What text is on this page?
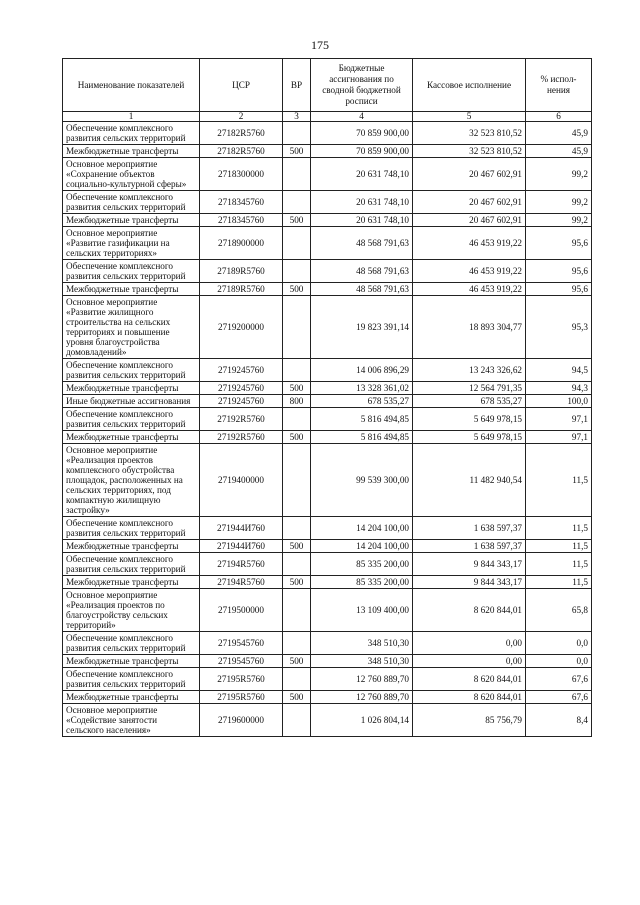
175
Наименование показателей	ЦСР	ВР	Бюджетные ассигнования по сводной бюджетной росписи	Кассовое исполнение	% испол-нения
1	2	3	4	5	6
Обеспечение комплексного развития сельских территорий	27182R5760		70 859 900,00	32 523 810,52	45,9
Межбюджетные трансферты	27182R5760	500	70 859 900,00	32 523 810,52	45,9
Основное мероприятие «Сохранение объектов социально-культурной сферы»	2718300000		20 631 748,10	20 467 602,91	99,2
Обеспечение комплексного развития сельских территорий	2718345760		20 631 748,10	20 467 602,91	99,2
Межбюджетные трансферты	2718345760	500	20 631 748,10	20 467 602,91	99,2
Основное мероприятие «Развитие газификации на сельских территориях»	2718900000		48 568 791,63	46 453 919,22	95,6
Обеспечение комплексного развития сельских территорий	27189R5760		48 568 791,63	46 453 919,22	95,6
Межбюджетные трансферты	27189R5760	500	48 568 791,63	46 453 919,22	95,6
Основное мероприятие «Развитие жилищного строительства на сельских территориях и повышение уровня благоустройства домовладений»	2719200000		19 823 391,14	18 893 304,77	95,3
Обеспечение комплексного развития сельских территорий	2719245760		14 006 896,29	13 243 326,62	94,5
Межбюджетные трансферты	2719245760	500	13 328 361,02	12 564 791,35	94,3
Иные бюджетные ассигнования	2719245760	800	678 535,27	678 535,27	100,0
Обеспечение комплексного развития сельских территорий	27192R5760		5 816 494,85	5 649 978,15	97,1
Межбюджетные трансферты	27192R5760	500	5 816 494,85	5 649 978,15	97,1
Основное мероприятие «Реализация проектов комплексного обустройства площадок, расположенных на сельских территориях, под компактную жилищную застройку»	2719400000		99 539 300,00	11 482 940,54	11,5
Обеспечение комплексного развития сельских территорий	271944И760		14 204 100,00	1 638 597,37	11,5
Межбюджетные трансферты	271944И760	500	14 204 100,00	1 638 597,37	11,5
Обеспечение комплексного развития сельских территорий	27194R5760		85 335 200,00	9 844 343,17	11,5
Межбюджетные трансферты	27194R5760	500	85 335 200,00	9 844 343,17	11,5
Основное мероприятие «Реализация проектов по благоустройству сельских территорий»	2719500000		13 109 400,00	8 620 844,01	65,8
Обеспечение комплексного развития сельских территорий	2719545760		348 510,30	0,00	0,0
Межбюджетные трансферты	2719545760	500	348 510,30	0,00	0,0
Обеспечение комплексного развития сельских территорий	27195R5760		12 760 889,70	8 620 844,01	67,6
Межбюджетные трансферты	27195R5760	500	12 760 889,70	8 620 844,01	67,6
Основное мероприятие «Содействие занятости сельского населения»	2719600000		1 026 804,14	85 756,79	8,4
